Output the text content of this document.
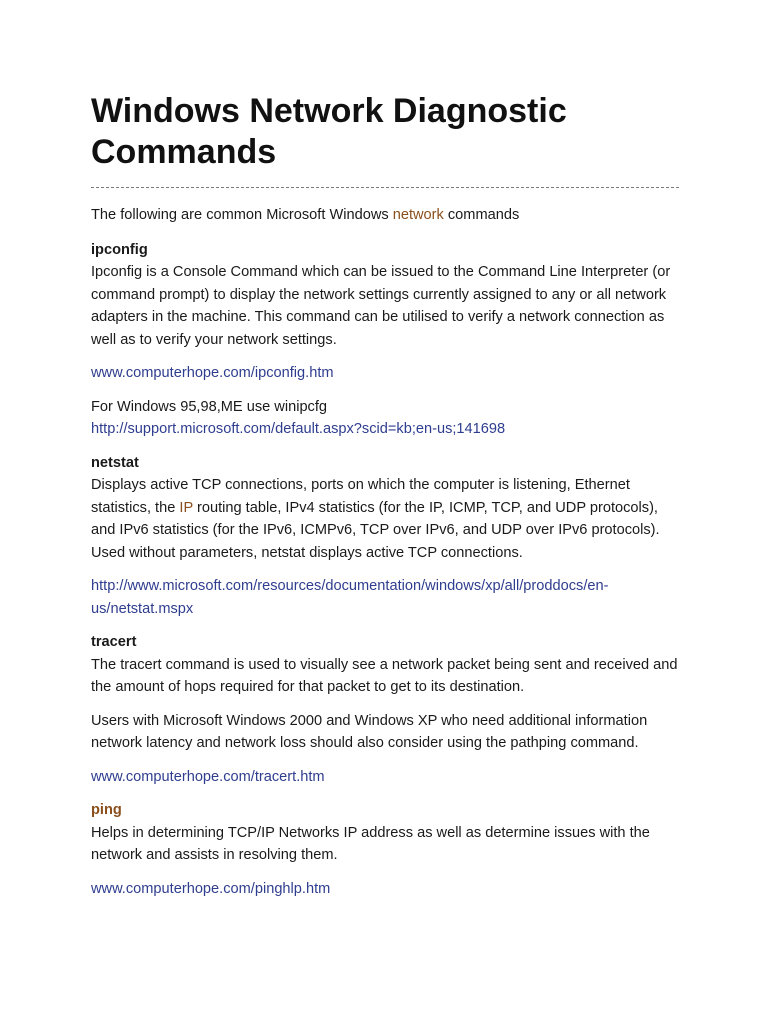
Windows Network Diagnostic Commands

The following are common Microsoft Windows network commands

ipconfig

Ipconfig is a Console Command which can be issued to the Command Line Interpreter (or command prompt) to display the network settings currently assigned to any or all network adapters in the machine. This command can be utilised to verify a network connection as well as to verify your network settings.

www.computerhope.com/ipconfig.htm

For Windows 95,98,ME use winipcfg

http://support.microsoft.com/default.aspx?scid=kb;en-us;141698

netstat

Displays active TCP connections, ports on which the computer is listening, Ethernet statistics, the IP routing table, IPv4 statistics (for the IP, ICMP, TCP, and UDP protocols), and IPv6 statistics (for the IPv6, ICMPv6, TCP over IPv6, and UDP over IPv6 protocols). Used without parameters, netstat displays active TCP connections.

http://www.microsoft.com/resources/documentation/windows/xp/all/proddocs/en-us/netstat.mspx

tracert

The tracert command is used to visually see a network packet being sent and received and the amount of hops required for that packet to get to its destination.

Users with Microsoft Windows 2000 and Windows XP who need additional information network latency and network loss should also consider using the pathping command.

www.computerhope.com/tracert.htm

ping

Helps in determining TCP/IP Networks IP address as well as determine issues with the network and assists in resolving them.

www.computerhope.com/pinghlp.htm
